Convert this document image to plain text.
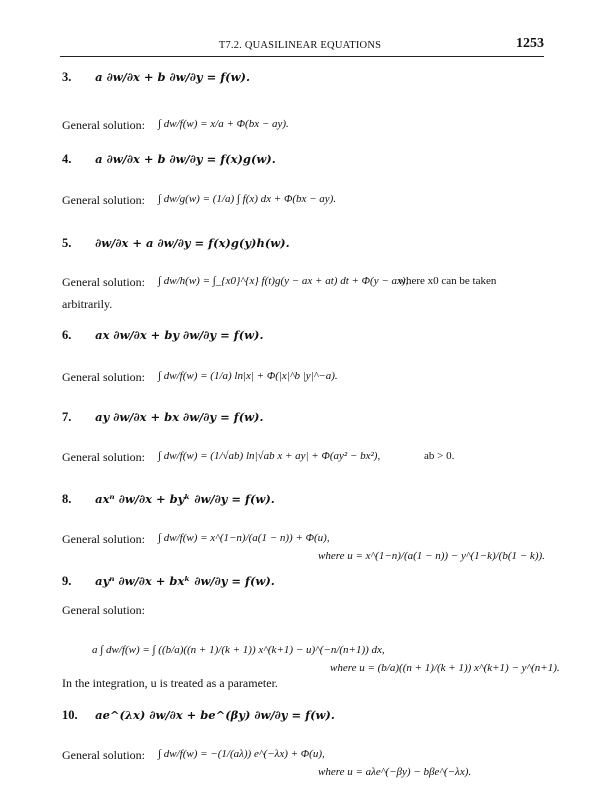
T7.2. QUASILINEAR EQUATIONS	1253
3. a ∂w/∂x + b ∂w/∂y = f(w).
General solution: ∫ dw/f(w) = x/a + Φ(bx − ay).
4. a ∂w/∂x + b ∂w/∂y = f(x)g(w).
General solution: ∫ dw/g(w) = (1/a) ∫ f(x) dx + Φ(bx − ay).
5. ∂w/∂x + a ∂w/∂y = f(x)g(y)h(w).
General solution: ∫ dw/h(w) = ∫_{x0}^{x} f(t)g(y − ax + at) dt + Φ(y − ax),
where x0 can be taken
arbitrarily.
6. ax ∂w/∂x + by ∂w/∂y = f(w).
General solution: ∫ dw/f(w) = (1/a) ln|x| + Φ(|x|^b |y|^−a).
7. ay ∂w/∂x + bx ∂w/∂y = f(w).
General solution: ∫ dw/f(w) = (1/√ab) ln|√ab x + ay| + Φ(ay² − bx²),	ab > 0.
8. axⁿ ∂w/∂x + byᵏ ∂w/∂y = f(w).
General solution: ∫ dw/f(w) = x^(1−n)/(a(1 − n)) + Φ(u),
where u = x^(1−n)/(a(1 − n)) − y^(1−k)/(b(1 − k)).
9. ayⁿ ∂w/∂x + bxᵏ ∂w/∂y = f(w).
General solution:
a ∫ dw/f(w) = ∫ ((b/a)((n + 1)/(k + 1)) x^(k+1) − u)^(−n/(n+1)) dx,
where u = (b/a)((n + 1)/(k + 1)) x^(k+1) − y^(n+1).
In the integration, u is treated as a parameter.
10. ae^(λx) ∂w/∂x + be^(βy) ∂w/∂y = f(w).
General solution: ∫ dw/f(w) = −(1/(aλ)) e^(−λx) + Φ(u),
where u = aλe^(−βy) − bβe^(−λx).
